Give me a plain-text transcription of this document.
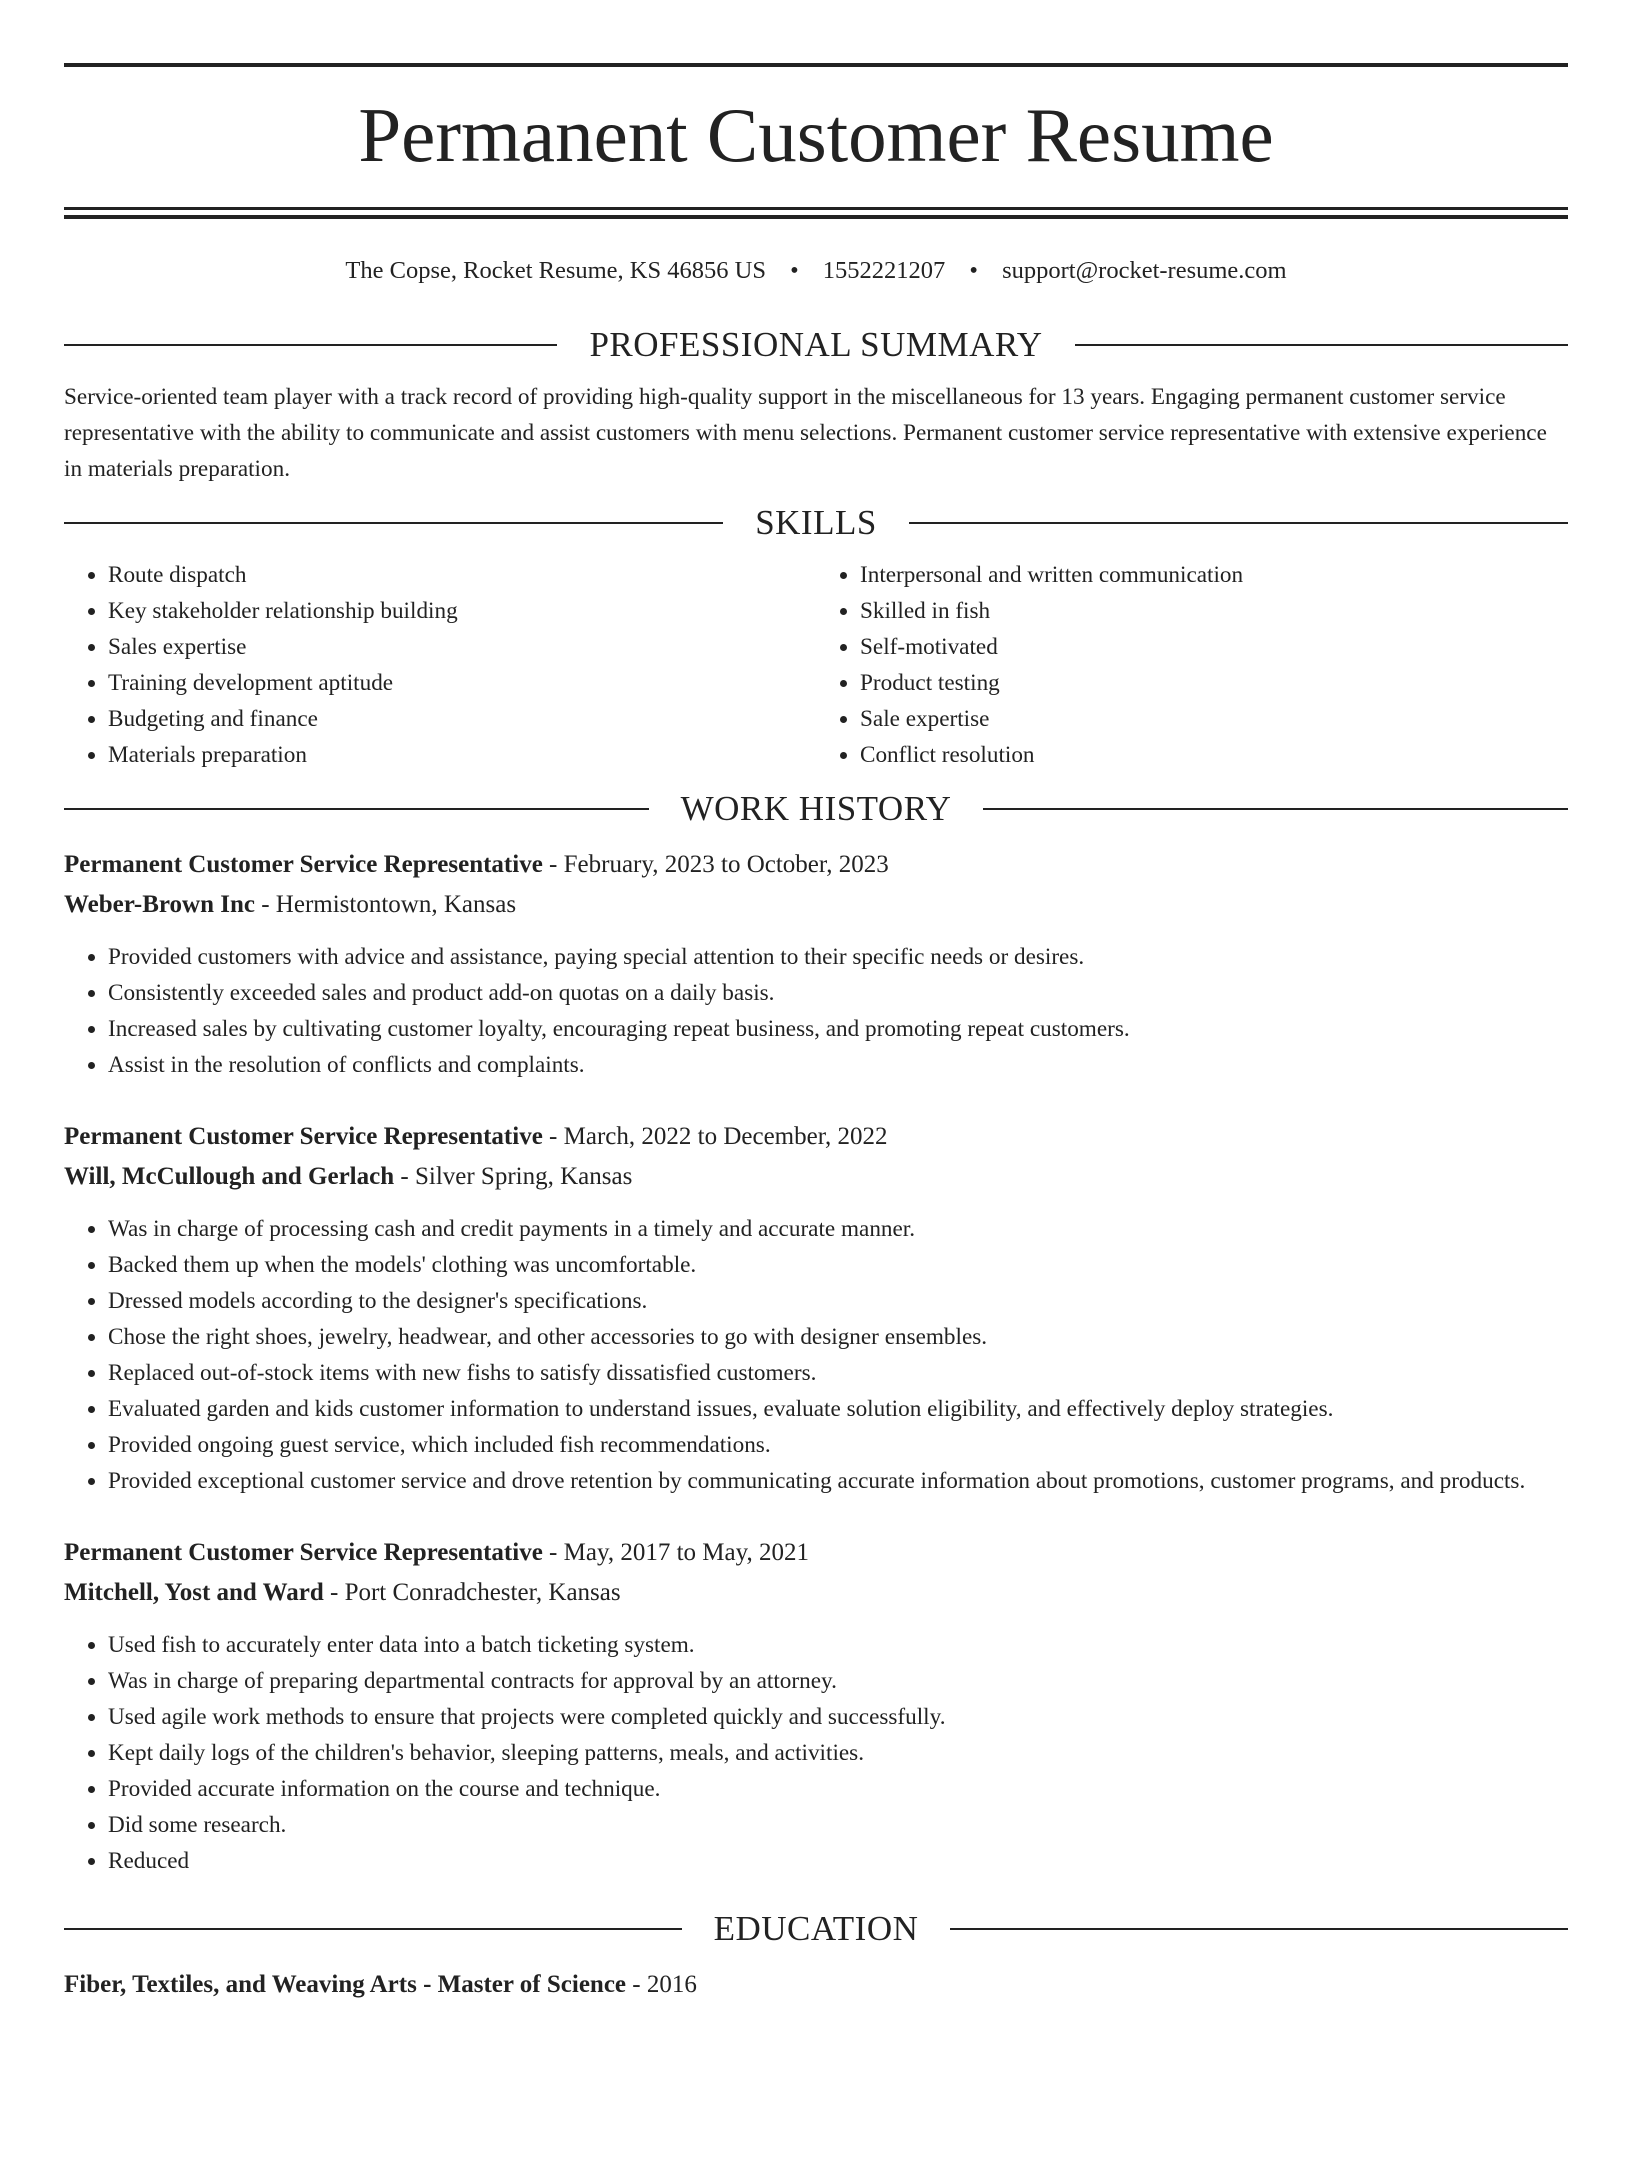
Permanent Customer Resume
The Copse, Rocket Resume, KS 46856 US • 1552221207 • support@rocket-resume.com
PROFESSIONAL SUMMARY

Service-oriented team player with a track record of providing high-quality support in the miscellaneous for 13 years. Engaging permanent customer service representative with the ability to communicate and assist customers with menu selections. Permanent customer service representative with extensive experience in materials preparation.

SKILLS
• Route dispatch
• Key stakeholder relationship building
• Sales expertise
• Training development aptitude
• Budgeting and finance
• Materials preparation
• Interpersonal and written communication
• Skilled in fish
• Self-motivated
• Product testing
• Sale expertise
• Conflict resolution
WORK HISTORY
Permanent Customer Service Representative - February, 2023 to October, 2023
Weber-Brown Inc - Hermistontown, Kansas
• Provided customers with advice and assistance, paying special attention to their specific needs or desires.
• Consistently exceeded sales and product add-on quotas on a daily basis.
• Increased sales by cultivating customer loyalty, encouraging repeat business, and promoting repeat customers.
• Assist in the resolution of conflicts and complaints.
Permanent Customer Service Representative - March, 2022 to December, 2022
Will, McCullough and Gerlach - Silver Spring, Kansas
• Was in charge of processing cash and credit payments in a timely and accurate manner.
• Backed them up when the models' clothing was uncomfortable.
• Dressed models according to the designer's specifications.
• Chose the right shoes, jewelry, headwear, and other accessories to go with designer ensembles.
• Replaced out-of-stock items with new fishs to satisfy dissatisfied customers.
• Evaluated garden and kids customer information to understand issues, evaluate solution eligibility, and effectively deploy strategies.
• Provided ongoing guest service, which included fish recommendations.
• Provided exceptional customer service and drove retention by communicating accurate information about promotions, customer programs, and products.
Permanent Customer Service Representative - May, 2017 to May, 2021
Mitchell, Yost and Ward - Port Conradchester, Kansas
• Used fish to accurately enter data into a batch ticketing system.
• Was in charge of preparing departmental contracts for approval by an attorney.
• Used agile work methods to ensure that projects were completed quickly and successfully.
• Kept daily logs of the children's behavior, sleeping patterns, meals, and activities.
• Provided accurate information on the course and technique.
• Did some research.
• Reduced
EDUCATION
Fiber, Textiles, and Weaving Arts - Master of Science - 2016
